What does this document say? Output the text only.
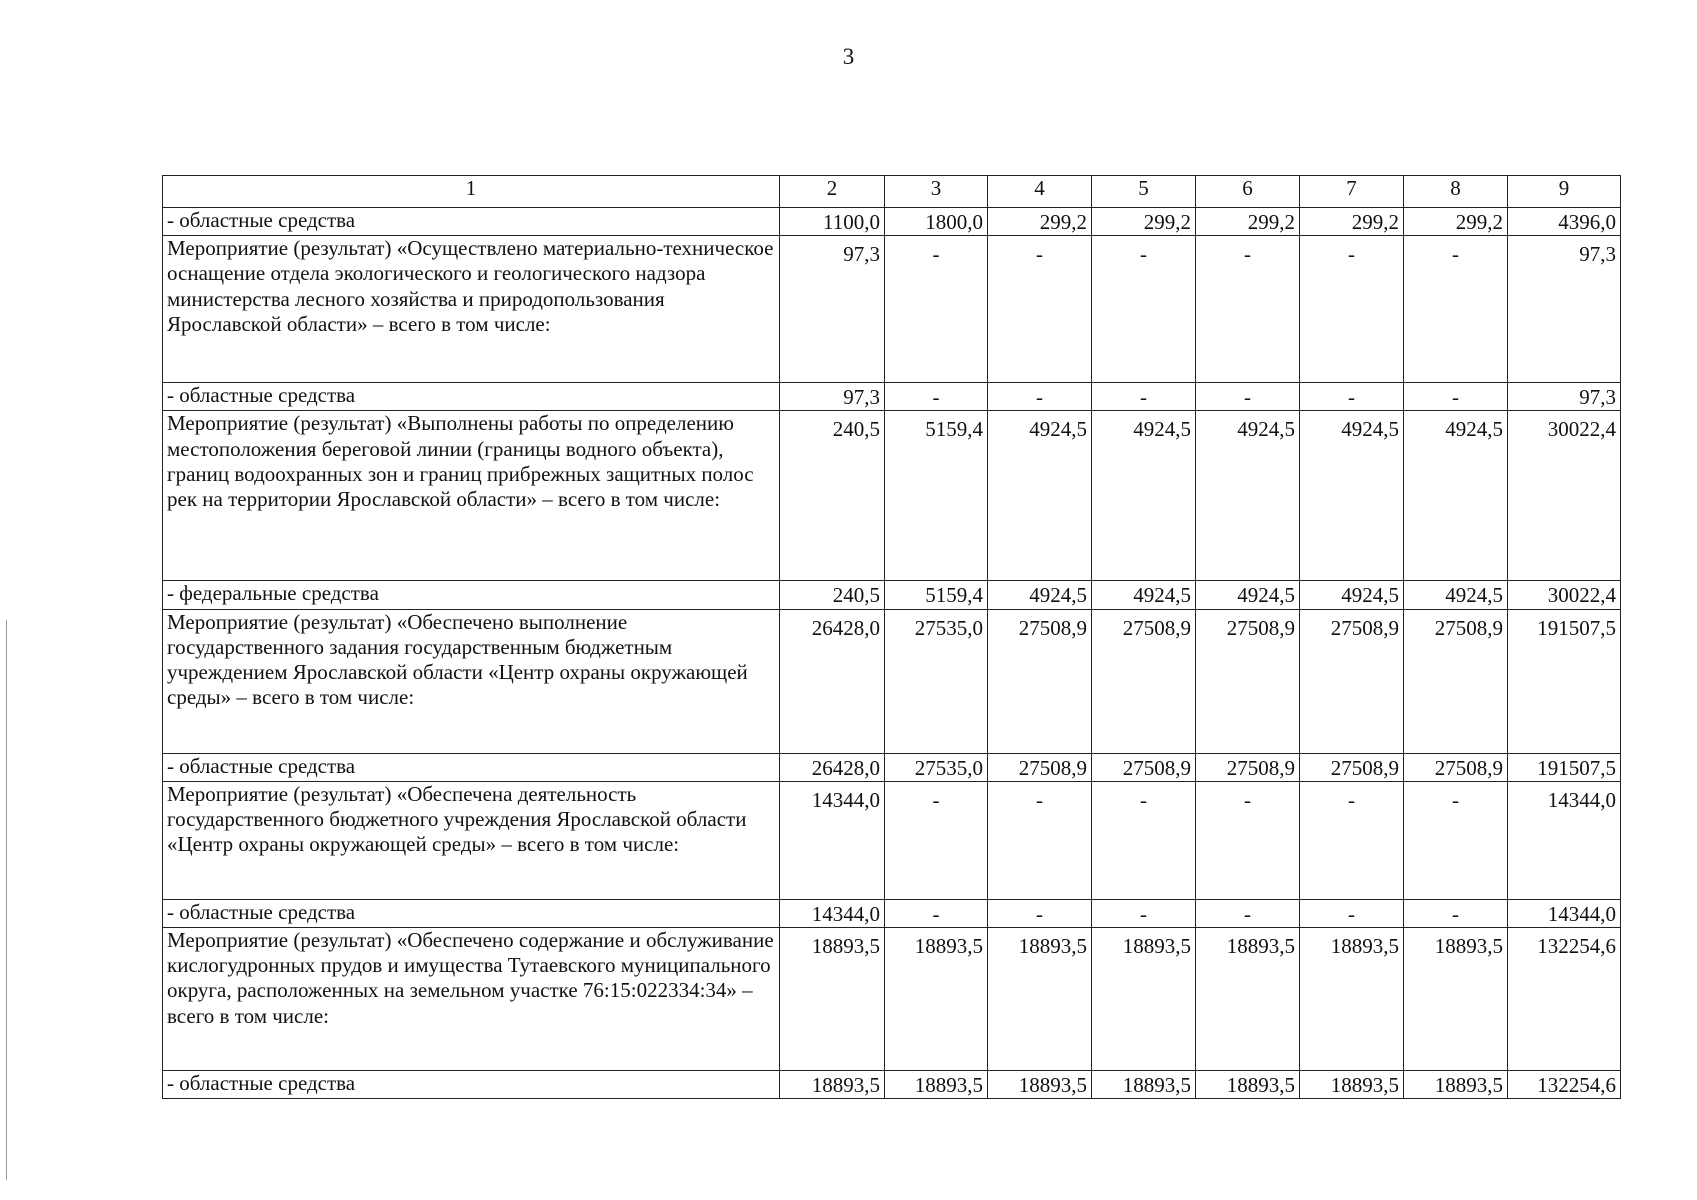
3
1	2	3	4	5	6	7	8	9
- областные средства	1100,0	1800,0	299,2	299,2	299,2	299,2	299,2	4396,0
Мероприятие (результат) «Осуществлено материально-техническое оснащение отдела экологического и геологического надзора министерства лесного хозяйства и природопользования Ярославской области» – всего в том числе:	97,3	-	-	-	-	-	-	97,3
- областные средства	97,3	-	-	-	-	-	-	97,3
Мероприятие (результат) «Выполнены работы по определению местоположения береговой линии (границы водного объекта), границ водоохранных зон и границ прибрежных защитных полос рек на территории Ярославской области» – всего в том числе:	240,5	5159,4	4924,5	4924,5	4924,5	4924,5	4924,5	30022,4
- федеральные средства	240,5	5159,4	4924,5	4924,5	4924,5	4924,5	4924,5	30022,4
Мероприятие (результат) «Обеспечено выполнение государственного задания государственным бюджетным учреждением Ярославской области «Центр охраны окружающей среды» – всего в том числе:	26428,0	27535,0	27508,9	27508,9	27508,9	27508,9	27508,9	191507,5
- областные средства	26428,0	27535,0	27508,9	27508,9	27508,9	27508,9	27508,9	191507,5
Мероприятие (результат) «Обеспечена деятельность государственного бюджетного учреждения Ярославской области «Центр охраны окружающей среды» – всего в том числе:	14344,0	-	-	-	-	-	-	14344,0
- областные средства	14344,0	-	-	-	-	-	-	14344,0
Мероприятие (результат) «Обеспечено содержание и обслуживание кислогудронных прудов и имущества Тутаевского муниципального округа, расположенных на земельном участке 76:15:022334:34» – всего в том числе:	18893,5	18893,5	18893,5	18893,5	18893,5	18893,5	18893,5	132254,6
- областные средства	18893,5	18893,5	18893,5	18893,5	18893,5	18893,5	18893,5	132254,6
